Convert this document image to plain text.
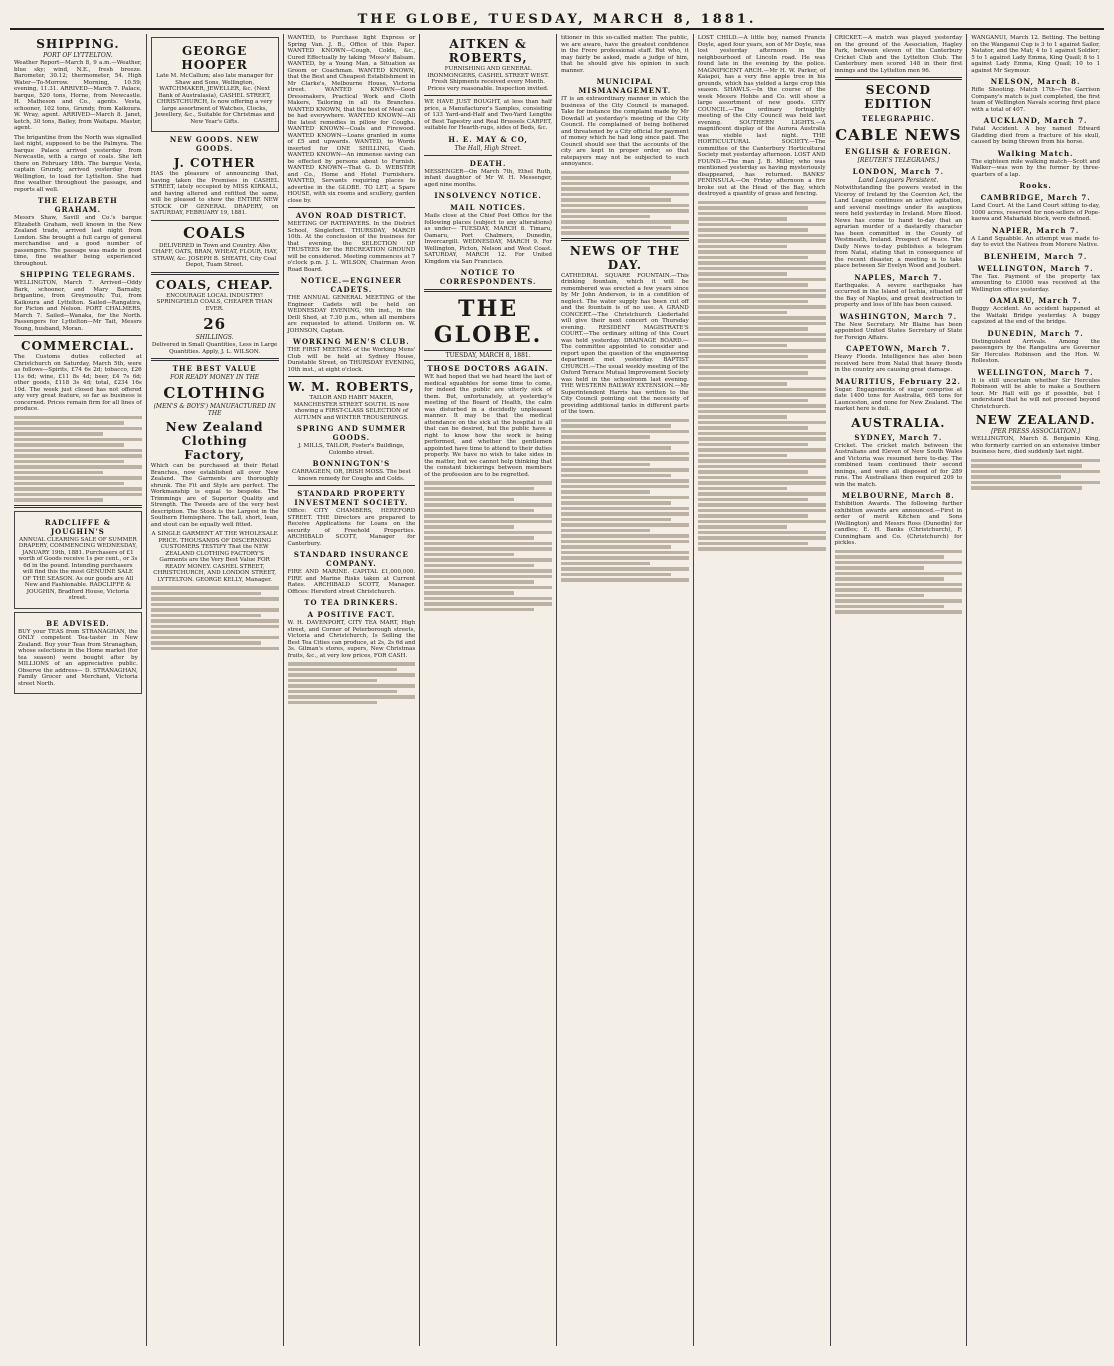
THE GLOBE, TUESDAY, MARCH 8, 1881.
SHIPPING.
PORT OF LYTTELTON.
Weather Report—March 8, 9 a.m.—Weather, blue sky; wind, N.E., fresh breeze. Barometer, 30.12; thermometer, 54. High Water—To-Morrow. Morning, 10.59; evening, 11.31. ARRIVED—March 7. Palace, barque, 520 tons, Horne, from Newcastle. H. Matheson and Co., agents. Vesta, schooner, 102 tons, Grundy, from Kaikoura. W. Wray, agent. ARRIVED—March 8. Janet, ketch, 30 tons, Bailey, from Waitapu. Master, agent.
The brigantine from the North was signalled last night, supposed to be the Palmyra. The barque Palace arrived yesterday from Newcastle, with a cargo of coals. She left there on February 18th. The barque Vesta, captain Grundy, arrived yesterday from Wellington, to load for Lyttelton. She had fine weather throughout the passage, and reports all well.
THE ELIZABETH GRAHAM.
Messrs Shaw, Savill and Co.'s barque Elizabeth Graham, well known in the New Zealand trade, arrived last night from London. She brought a full cargo of general merchandise and a good number of passengers. The passage was made in good time, fine weather being experienced throughout.
SHIPPING TELEGRAMS.
WELLINGTON, March 7. Arrived—Oddy Bark, schooner, and Mary Barnaby, brigantine, from Greymouth; Tui, from Kaikoura and Lyttelton. Sailed—Rangatira, for Picton and Nelson. PORT CHALMERS, March 7. Sailed—Wanaka, for the North. Passengers for Lyttelton—Mr Tait, Messrs Young, husband, Moran.
COMMERCIAL.
The Customs duties collected at Christchurch on Saturday, March 5th, were as follows—Spirits, £74 6s 2d; tobacco, £26 11s 6d; wine, £11 8s 4d; beer, £4 7s 6d; other goods, £118 3s 4d; total, £234 16s 10d. The week just closed has not offered any very great feature, so far as business is concerned. Prices remain firm for all lines of produce.
RADCLIFFE & JOUGHIN'S
ANNUAL CLEARING SALE OF SUMMER DRAPERY, COMMENCING WEDNESDAY, JANUARY 19th, 1881. Purchasers of £1 worth of Goods receive 1s per cent., or 3s 6d in the pound. Intending purchasers will find this the most GENUINE SALE OF THE SEASON. As our goods are All New and Fashionable. RADCLIFFE & JOUGHIN, Bradford House, Victoria street.
BE ADVISED.
BUY your TEAS from STRANAGHAN, the ONLY competent Tea-taster in New Zealand. Buy your Teas from Stranaghan, whose selections in the Home market (for tea season) were bought after by MILLIONS of an appreciative public. Observe the address— D. STRANAGHAN, Family Grocer and Merchant, Victoria street North.
GEORGE HOOPER
Late M. McCallum; also late manager for Shaw and Sons, Wellington, WATCHMAKER, JEWELLER, &c. (Next Bank of Australasia), CASHEL STREET, CHRISTCHURCH, Is now offering a very large assortment of Watches, Clocks, Jewellery, &c., Suitable for Christmas and New Year's Gifts.
NEW GOODS. NEW GOODS.
J. COTHER
HAS the pleasure of announcing that, having taken the Premises in CASHEL STREET, lately occupied by MISS KIRKALL, and having altered and refitted the same, will be pleased to show the ENTIRE NEW STOCK OF GENERAL DRAPERY, on SATURDAY, FEBRUARY 19, 1881.
COALS
DELIVERED in Town and Country. Also CHAFF, OATS, BRAN, WHEAT, FLOUR, HAY, STRAW, &c. JOSEPH B. SHEATH, City Coal Depot, Tuam Street.
COALS, CHEAP.
ENCOURAGE LOCAL INDUSTRY! SPRINGFIELD COALS, CHEAPER THAN EVER.
26
SHILLINGS.
Delivered in Small Quantities, Less in Large Quantities. Apply, J. L. WILSON.
THE BEST VALUE
FOR READY MONEY IN THE
CLOTHING
(MEN'S & BOYS') MANUFACTURED IN THE
New Zealand Clothing Factory,
Which can be purchased at their Retail Branches, now established all over New Zealand. The Garments are thoroughly shrunk. The Fit and Style are perfect. The Workmanship is equal to bespoke. The Trimmings are of Superior Quality and Strength. The Tweeds are of the very best description. The Stock is the Largest in the Southern Hemisphere. The tall, short, lean, and stout can be equally well fitted.
A SINGLE GARMENT AT THE WHOLESALE PRICE. THOUSANDS OF DISCERNING CUSTOMERS TESTIFY That the NEW ZEALAND CLOTHING FACTORY'S Garments are the Very Best Value FOR READY MONEY. CASHEL STREET, CHRISTCHURCH, AND LONDON STREET, LYTTELTON. GEORGE KELLY, Manager.
WANTED, to Purchase light Express or Spring Van. J. B., Office of this Paper. WANTED KNOWN—Cough, Colds, &c., Cured Effectually by taking 'Moss's' Balsam. WANTED, by a Young Man, a Situation as Groom or Coachman. WANTED KNOWN, that the Best and Cheapest Establishment in Mr Clarke's, Melbourne House, Victoria street. WANTED KNOWN—Good Dressmakers, Practical Work and Cloth Makers, Tailoring in all its Branches. WANTED KNOWN, that the best of Meat can be had everywhere. WANTED KNOWN—All the latest remedies in pillow for Coughs. WANTED KNOWN—Coals and Firewood. WANTED KNOWN—Loans granted in sums of £5 and upwards. WANTED, to Words inserted for ONE SHILLING, Cash. WANTED KNOWN—An immense saving can be effected by persons about to Furnish. WANTED KNOWN—That G. D. WEBSTER and Co., Home and Hotel Furnishers. WANTED, Servants requiring places to advertise in the GLOBE. TO LET, a Spare HOUSE, with six rooms and scullery, garden close by.
AVON ROAD DISTRICT.
MEETING OF RATEPAYERS. In the District School, Singleford. THURSDAY, MARCH 10th. At the conclusion of the business for that evening, the SELECTION OF TRUSTEES for the RECREATION GROUND will be considered. Meeting commences at 7 o'clock p.m. J. L. WILSON, Chairman Avon Road Board.
NOTICE.—ENGINEER CADETS.
THE ANNUAL GENERAL MEETING of the Engineer Cadets will be held on WEDNESDAY EVENING, 9th inst., in the Drill Shed, at 7.30 p.m., when all members are requested to attend. Uniform on. W. JOHNSON, Captain.
WORKING MEN'S CLUB.
THE FIRST MEETING of the Working Mens' Club will be held at Sydney House, Dunstable Street, on THURSDAY EVENING, 10th inst., at eight o'clock.
W. M. ROBERTS,
TAILOR AND HABIT MAKER, MANCHESTER STREET SOUTH. IS now showing a FIRST-CLASS SELECTION of AUTUMN and WINTER TROUSERINGS.
SPRING AND SUMMER GOODS.
J. MILLS, TAILOR, Foster's Buildings, Colombo street.
BONNINGTON'S
CARRAGEEN, OR, IRISH MOSS. The best known remedy for Coughs and Colds.
STANDARD PROPERTY INVESTMENT SOCIETY.
Office: CITY CHAMBERS, HEREFORD STREET. THE Directors are prepared to Receive Applications for Loans on the security of Freehold Properties. ARCHIBALD SCOTT, Manager for Canterbury.
STANDARD INSURANCE COMPANY.
FIRE AND MARINE. CAPITAL £1,000,000. FIRE and Marine Risks taken at Current Rates. ARCHIBALD SCOTT, Manager. Offices: Hereford street Christchurch.
TO TEA DRINKERS.
A POSITIVE FACT.
W. H. DAVENPORT, CITY TEA MART, High street, and Corner of Peterborough streets, Victoria and Christchurch, Is Selling the Best Tea Cities can produce, at 2s, 2s 6d and 3s. Gilman's stores, supers, New Christmas fruits, &c., at very low prices, FOR CASH.
AITKEN & ROBERTS,
FURNISHING AND GENERAL IRONMONGERS, CASHEL STREET WEST. Fresh Shipments received every Month. Prices very reasonable. Inspection invited.
WE HAVE JUST BOUGHT, at less than half price, a Manufacturer's Samples, consisting of 133 Yard-and-Half and Two-Yard Lengths of Best Tapestry and Real Brussels CARPET, suitable for Hearth-rugs, sides of Beds, &c.
H. E. MAY & CO,
The Hall, High Street.
DEATH.
MESSENGER—On March 7th, Ethel Ruth, infant daughter of Mr W. H. Messenger, aged nine months.
INSOLVENCY NOTICE.
MAIL NOTICES.
Mails close at the Chief Post Office for the following places (subject to any alterations) as under— TUESDAY, MARCH 8. Timaru, Oamaru, Port Chalmers, Dunedin, Invercargill. WEDNESDAY, MARCH 9. For Wellington, Picton, Nelson and West Coast. SATURDAY, MARCH 12. For United Kingdom via San Francisco.
NOTICE TO CORRESPONDENTS.
THE GLOBE.
TUESDAY, MARCH 8, 1881.
THOSE DOCTORS AGAIN.
WE had hoped that we had heard the last of medical squabbles for some time to come, for indeed the public are utterly sick of them. But, unfortunately, at yesterday's meeting of the Board of Health, the calm was disturbed in a decidedly unpleasant manner. It may be that the medical attendance on the sick at the hospital is all that can be desired, but the public have a right to know how the work is being performed, and whether the gentlemen appointed have time to attend to their duties properly. We have no wish to take sides in the matter, but we cannot help thinking that the constant bickerings between members of the profession are to be regretted.
titioner in this so-called matter. The public, we are aware, have the greatest confidence in the Frere professional staff. But who, it may fairly be asked, made a judge of him, that he should give his opinion in such manner.
MUNICIPAL MISMANAGEMENT.
IT is an extraordinary manner in which the business of the City Council is managed. Take for instance the complaint made by Mr Dowdall at yesterday's meeting of the City Council. He complained of being bothered and threatened by a City official for payment of money which he had long since paid. The Council should see that the accounts of the city are kept in proper order, so that ratepayers may not be subjected to such annoyance.
NEWS OF THE DAY.
CATHEDRAL SQUARE FOUNTAIN.—This drinking fountain, which it will be remembered was erected a few years since by Mr John Anderson, is in a condition of neglect. The water supply has been cut off and the fountain is of no use. A GRAND CONCERT.—The Christchurch Liedertafel will give their next concert on Thursday evening. RESIDENT MAGISTRATE'S COURT.—The ordinary sitting of this Court was held yesterday. DRAINAGE BOARD.—The committee appointed to consider and report upon the question of the engineering department met yesterday. BAPTIST CHURCH.—The usual weekly meeting of the Oxford Terrace Mutual Improvement Society was held in the schoolroom last evening. THE WESTERN RAILWAY EXTENSION.—Mr Superintendent Harris has written to the City Council pointing out the necessity of providing additional tanks in different parts of the town.
LOST CHILD.—A little boy, named Francis Doyle, aged four years, son of Mr Doyle, was lost yesterday afternoon in the neighbourhood of Lincoln road. He was found late in the evening by the police. MAGNIFICENT ARCH.—Mr H. W. Parker, of Kaiapoi, has a very fine apple tree in his grounds, which has yielded a large crop this season. SHAWLS.—In the course of the week Messrs Hobbs and Co. will show a large assortment of new goods. CITY COUNCIL.—The ordinary fortnightly meeting of the City Council was held last evening. SOUTHERN LIGHTS.—A magnificent display of the Aurora Australis was visible last night. THE HORTICULTURAL SOCIETY.—The committee of the Canterbury Horticultural Society met yesterday afternoon. LOST AND FOUND.—The man J. B. Miller, who was mentioned yesterday as having mysteriously disappeared, has returned. BANKS' PENINSULA.—On Friday afternoon a fire broke out at the Head of the Bay, which destroyed a quantity of grass and fencing.
CRICKET.—A match was played yesterday on the ground of the Association, Hagley Park, between eleven of the Canterbury Cricket Club and the Lyttelton Club. The Canterbury men scored 148 in their first innings and the Lyttelton men 96.
SECOND EDITION
TELEGRAPHIC.
CABLE NEWS
ENGLISH & FOREIGN.
[REUTER'S TELEGRAMS.]
LONDON, March 7.
Land Leaguers Persistent.
Notwithstanding the powers vested in the Viceroy of Ireland by the Coercion Act, the Land League continues an active agitation, and several meetings under its auspices were held yesterday in Ireland. More Blood. News has come to hand to-day that an agrarian murder of a dastardly character has been committed in the County of Westmeath, Ireland. Prospect of Peace. The Daily News to-day publishes a telegram from Natal, stating that in consequence of the recent disaster, a meeting is to take place between Sir Evelyn Wood and Joubert.
NAPLES, March 7.
Earthquake. A severe earthquake has occurred in the Island of Ischia, situated off the Bay of Naples, and great destruction to property and loss of life has been caused.
WASHINGTON, March 7.
The New Secretary. Mr Blaine has been appointed United States Secretary of State for Foreign Affairs.
CAPETOWN, March 7.
Heavy Floods. Intelligence has also been received here from Natal that heavy floods in the country are causing great damage.
MAURITIUS, February 22.
Sugar. Engagements of sugar comprise at date 1400 tons for Australia, 665 tons for Launceston, and none for New Zealand. The market here is dull.
AUSTRALIA.
SYDNEY, March 7.
Cricket. The cricket match between the Australians and Eleven of New South Wales and Victoria was resumed here to-day. The combined team continued their second innings, and were all disposed of for 289 runs. The Australians then required 209 to win the match.
MELBOURNE, March 8.
Exhibition Awards. The following further exhibition awards are announced.—First in order of merit Kitchen and Sons (Wellington) and Messrs Ross (Dunedin) for candles; E. H. Banks (Christchurch), F. Cunningham and Co. (Christchurch) for pickles.
WANGANUI, March 12. Betting. The betting on the Wanganui Cup is 3 to 1 against Sailor, Natator, and the Mat; 4 to 1 against Soldier; 5 to 1 against Lady Emma, King Quail; 8 to 1 against Lady Emma, King Quail; 10 to 1 against Mr Seymour.
NELSON, March 8.
Rifle Shooting. Match 17th—The Garrison Company's match is just completed, the first team of Wellington Navals scoring first place with a total of 407.
AUCKLAND, March 7.
Fatal Accident. A boy named Edward Gladding died from a fracture of his skull, caused by being thrown from his horse.
Walking Match.
The eighteen mile walking match—Scott and Walker—was won by the former by three-quarters of a lap.
Rooks.
CAMBRIDGE, March 7.
Land Court. At the Land Court sitting to-day, 1000 acres, reserved for non-sellers of Pope-kaowa and Mahadaki block, were defined.
NAPIER, March 7.
A Land Squabble. An attempt was made to-day to evict the Natives from Morere Native.
BLENHEIM, March 7.
WELLINGTON, March 7.
The Tax. Payment of the property tax amounting to £3000 was received at the Wellington office yesterday.
OAMARU, March 7.
Buggy Accident. An accident happened at the Waitaki Bridge yesterday. A buggy capsized at the end of the bridge.
DUNEDIN, March 7.
Distinguished Arrivals. Among the passengers by the Rangatira are Governor Sir Hercules Robinson and the Hon. W. Rolleston.
WELLINGTON, March 7.
It is still uncertain whether Sir Hercules Robinson will be able to make a Southern tour. Mr Hall will go if possible, but I understand that he will not proceed beyond Christchurch.
NEW ZEALAND.
[PER PRESS ASSOCIATION.]
WELLINGTON, March 8. Benjamin King, who formerly carried on an extensive timber business here, died suddenly last night.
